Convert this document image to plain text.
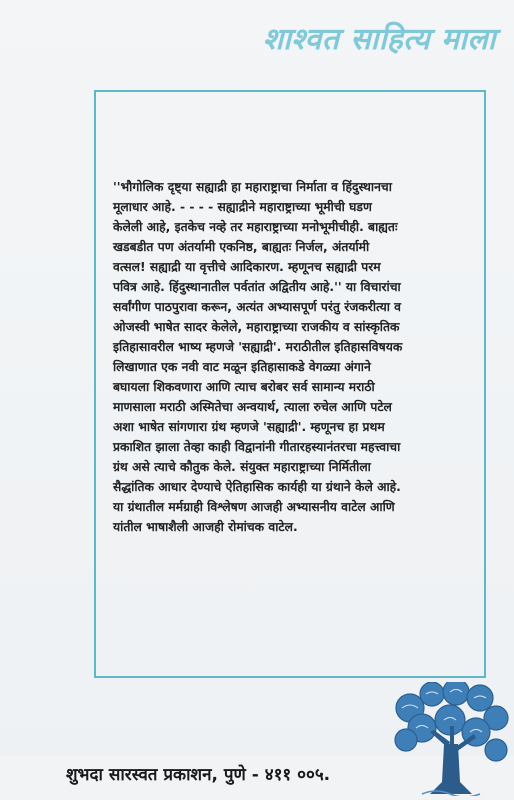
शाश्वत साहित्य माला

''भौगोलिक दृष्ट्या सह्याद्री हा महाराष्ट्राचा निर्माता व हिंदुस्थानचा
मूलाधार आहे. - - - - सह्याद्रीने महाराष्ट्राच्या भूमीची घडण
केलेली आहे, इतकेच नव्हे तर महाराष्ट्राच्या मनोभूमीचीही. बाह्यतः
खडबडीत पण अंतर्यामी एकनिष्ठ, बाह्यतः निर्जल, अंतर्यामी
वत्सल! सह्याद्री या वृत्तीचे आदिकारण. म्हणूनच सह्याद्री परम
पवित्र आहे. हिंदुस्थानातील पर्वतांत अद्वितीय आहे.'' या विचारांचा
सर्वांगीण पाठपुरावा करून, अत्यंत अभ्यासपूर्ण परंतु रंजकरीत्या व
ओजस्वी भाषेत सादर केलेले, महाराष्ट्राच्या राजकीय व सांस्कृतिक
इतिहासावरील भाष्य म्हणजे 'सह्याद्री'. मराठीतील इतिहासविषयक
लिखाणात एक नवी वाट मळून इतिहासाकडे वेगळ्या अंगाने
बघायला शिकवणारा आणि त्याच बरोबर सर्व सामान्य मराठी
माणसाला मराठी अस्मितेचा अन्वयार्थ, त्याला रुचेल आणि पटेल
अशा भाषेत सांगणारा ग्रंथ म्हणजे 'सह्याद्री'. म्हणूनच हा प्रथम
प्रकाशित झाला तेव्हा काही विद्वानांनी गीतारहस्यानंतरचा महत्त्वाचा
ग्रंथ असे त्याचे कौतुक केले. संयुक्त महाराष्ट्राच्या निर्मितीला
सैद्धांतिक आधार देण्याचे ऐतिहासिक कार्यही या ग्रंथाने केले आहे.
या ग्रंथातील मर्मग्राही विश्लेषण आजही अभ्यासनीय वाटेल आणि
यांतील भाषाशैली आजही रोमांचक वाटेल.

शुभदा सारस्वत प्रकाशन, पुणे - ४११ ००५.
